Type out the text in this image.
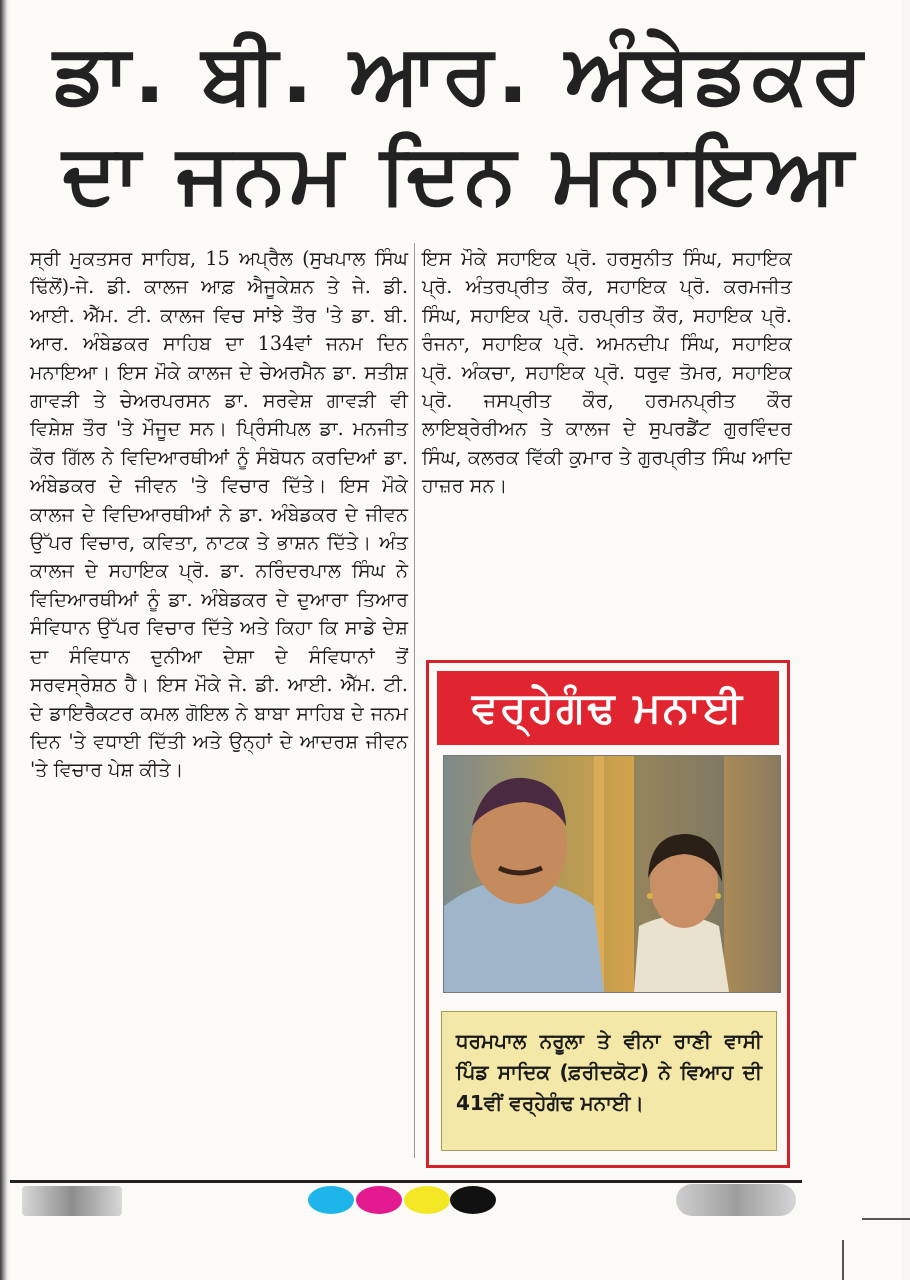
ਡਾ. ਬੀ. ਆਰ. ਅੰਬੇਡਕਰ
ਦਾ ਜਨਮ ਦਿਨ ਮਨਾਇਆ

ਸ੍ਰੀ ਮੁਕਤਸਰ ਸਾਹਿਬ, 15 ਅਪ੍ਰੈਲ (ਸੁਖਪਾਲ ਸਿੰਘ ਢਿੱਲੋਂ)-ਜੇ. ਡੀ. ਕਾਲਜ ਆਫ਼ ਐਜੂਕੇਸ਼ਨ ਤੇ ਜੇ. ਡੀ. ਆਈ. ਐੱਮ. ਟੀ. ਕਾਲਜ ਵਿਚ ਸਾਂਝੇ ਤੌਰ 'ਤੇ ਡਾ. ਬੀ. ਆਰ. ਅੰਬੇਡਕਰ ਸਾਹਿਬ ਦਾ 134ਵਾਂ ਜਨਮ ਦਿਨ ਮਨਾਇਆ। ਇਸ ਮੌਕੇ ਕਾਲਜ ਦੇ ਚੇਅਰਮੈਨ ਡਾ. ਸਤੀਸ਼ ਗਾਵੜੀ ਤੇ ਚੇਅਰਪਰਸਨ ਡਾ. ਸਰਵੇਸ਼ ਗਾਵੜੀ ਵੀ ਵਿਸ਼ੇਸ਼ ਤੌਰ 'ਤੇ ਮੌਜੂਦ ਸਨ। ਪ੍ਰਿੰਸੀਪਲ ਡਾ. ਮਨਜੀਤ ਕੌਰ ਗਿੱਲ ਨੇ ਵਿਦਿਆਰਥੀਆਂ ਨੂੰ ਸੰਬੋਧਨ ਕਰਦਿਆਂ ਡਾ. ਅੰਬੇਡਕਰ ਦੇ ਜੀਵਨ 'ਤੇ ਵਿਚਾਰ ਦਿੱਤੇ। ਇਸ ਮੌਕੇ ਕਾਲਜ ਦੇ ਵਿਦਿਆਰਥੀਆਂ ਨੇ ਡਾ. ਅੰਬੇਡਕਰ ਦੇ ਜੀਵਨ ਉੱਪਰ ਵਿਚਾਰ, ਕਵਿਤਾ, ਨਾਟਕ ਤੇ ਭਾਸ਼ਨ ਦਿੱਤੇ। ਅੰਤ ਕਾਲਜ ਦੇ ਸਹਾਇਕ ਪ੍ਰੋ. ਡਾ. ਨਰਿੰਦਰਪਾਲ ਸਿੰਘ ਨੇ ਵਿਦਿਆਰਥੀਆਂ ਨੂੰ ਡਾ. ਅੰਬੇਡਕਰ ਦੇ ਦੁਆਰਾ ਤਿਆਰ ਸੰਵਿਧਾਨ ਉੱਪਰ ਵਿਚਾਰ ਦਿੱਤੇ ਅਤੇ ਕਿਹਾ ਕਿ ਸਾਡੇ ਦੇਸ਼ ਦਾ ਸੰਵਿਧਾਨ ਦੁਨੀਆ ਦੇਸ਼ਾ ਦੇ ਸੰਵਿਧਾਨਾਂ ਤੋਂ ਸਰਵਸ੍ਰੇਸ਼ਠ ਹੈ। ਇਸ ਮੌਕੇ ਜੇ. ਡੀ. ਆਈ. ਐੱਮ. ਟੀ. ਦੇ ਡਾਇਰੈਕਟਰ ਕਮਲ ਗੋਇਲ ਨੇ ਬਾਬਾ ਸਾਹਿਬ ਦੇ ਜਨਮ ਦਿਨ 'ਤੇ ਵਧਾਈ ਦਿੱਤੀ ਅਤੇ ਉਨ੍ਹਾਂ ਦੇ ਆਦਰਸ਼ ਜੀਵਨ 'ਤੇ ਵਿਚਾਰ ਪੇਸ਼ ਕੀਤੇ।

ਇਸ ਮੌਕੇ ਸਹਾਇਕ ਪ੍ਰੋ. ਹਰਸੁਨੀਤ ਸਿੰਘ, ਸਹਾਇਕ ਪ੍ਰੋ. ਅੰਤਰਪ੍ਰੀਤ ਕੌਰ, ਸਹਾਇਕ ਪ੍ਰੋ. ਕਰਮਜੀਤ ਸਿੰਘ, ਸਹਾਇਕ ਪ੍ਰੋ. ਹਰਪ੍ਰੀਤ ਕੌਰ, ਸਹਾਇਕ ਪ੍ਰੋ. ਰੰਜਨਾ, ਸਹਾਇਕ ਪ੍ਰੋ. ਅਮਨਦੀਪ ਸਿੰਘ, ਸਹਾਇਕ ਪ੍ਰੋ. ਅੰਕਚਾ, ਸਹਾਇਕ ਪ੍ਰੋ. ਧਰੁਵ ਤੋਮਰ, ਸਹਾਇਕ ਪ੍ਰੋ. ਜਸਪ੍ਰੀਤ ਕੌਰ, ਹਰਮਨਪ੍ਰੀਤ ਕੌਰ ਲਾਇਬ੍ਰੇਰੀਅਨ ਤੇ ਕਾਲਜ ਦੇ ਸੁਪਰਡੈਂਟ ਗੁਰਵਿੰਦਰ ਸਿੰਘ, ਕਲਰਕ ਵਿੱਕੀ ਕੁਮਾਰ ਤੇ ਗੁਰਪ੍ਰੀਤ ਸਿੰਘ ਆਦਿ ਹਾਜ਼ਰ ਸਨ।

ਵਰ੍ਹੇਗੰਢ ਮਨਾਈ
ਧਰਮਪਾਲ ਨਰੂਲਾ ਤੇ ਵੀਨਾ ਰਾਣੀ ਵਾਸੀ ਪਿੰਡ ਸਾਦਿਕ (ਫ਼ਰੀਦਕੋਟ) ਨੇ ਵਿਆਹ ਦੀ 41ਵੀਂ ਵਰ੍ਹੇਗੰਢ ਮਨਾਈ।
